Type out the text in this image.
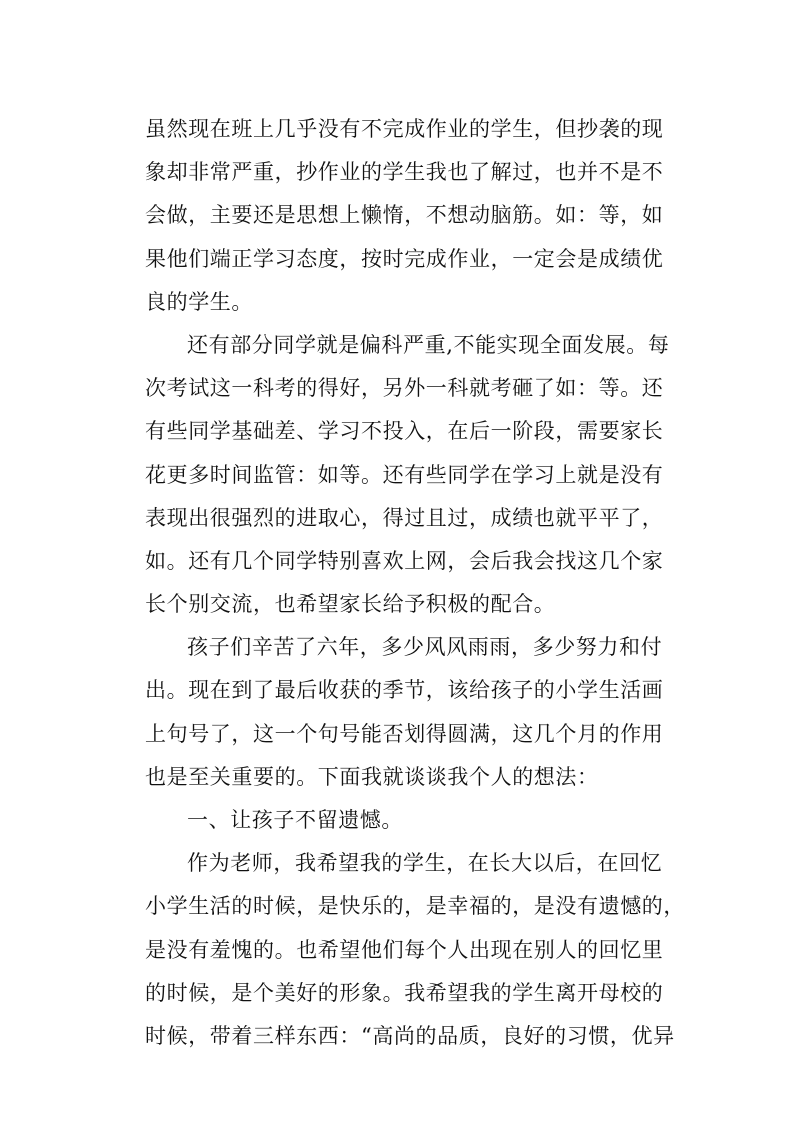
虽然现在班上几乎没有不完成作业的学生，但抄袭的现
象却非常严重，抄作业的学生我也了解过，也并不是不
会做，主要还是思想上懒惰，不想动脑筋。如：等，如
果他们端正学习态度，按时完成作业，一定会是成绩优
良的学生。
还有部分同学就是偏科严重,不能实现全面发展。每
次考试这一科考的得好，另外一科就考砸了如：等。还
有些同学基础差、学习不投入，在后一阶段，需要家长
花更多时间监管：如等。还有些同学在学习上就是没有
表现出很强烈的进取心，得过且过，成绩也就平平了，
如。还有几个同学特别喜欢上网，会后我会找这几个家
长个别交流，也希望家长给予积极的配合。
孩子们辛苦了六年，多少风风雨雨，多少努力和付
出。现在到了最后收获的季节，该给孩子的小学生活画
上句号了，这一个句号能否划得圆满，这几个月的作用
也是至关重要的。下面我就谈谈我个人的想法：
一、让孩子不留遗憾。
作为老师，我希望我的学生，在长大以后，在回忆
小学生活的时候，是快乐的，是幸福的，是没有遗憾的，
是没有羞愧的。也希望他们每个人出现在别人的回忆里
的时候，是个美好的形象。我希望我的学生离开母校的
时候，带着三样东西：“高尚的品质，良好的习惯，优异
